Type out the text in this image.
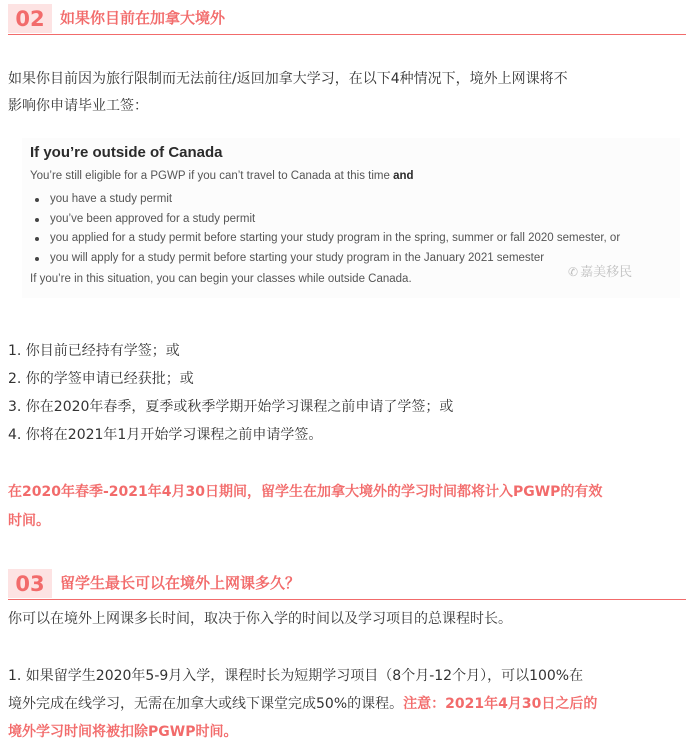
02	如果你目前在加拿大境外
如果你目前因为旅行限制而无法前往/返回加拿大学习，在以下4种情况下，境外上网课将不
影响你申请毕业工签：
If you’re outside of Canada
You’re still eligible for a PGWP if you can’t travel to Canada at this time and
you have a study permit
you’ve been approved for a study permit
you applied for a study permit before starting your study program in the spring, summer or fall 2020 semester, or
you will apply for a study permit before starting your study program in the January 2021 semester
If you’re in this situation, you can begin your classes while outside Canada.	✆ 嘉美移民
1. 你目前已经持有学签；或
2. 你的学签申请已经获批；或
3. 你在2020年春季，夏季或秋季学期开始学习课程之前申请了学签；或
4. 你将在2021年1月开始学习课程之前申请学签。
在2020年春季-2021年4月30日期间，留学生在加拿大境外的学习时间都将计入PGWP的有效
时间。
03	留学生最长可以在境外上网课多久？
你可以在境外上网课多长时间，取决于你入学的时间以及学习项目的总课程时长。
1. 如果留学生2020年5-9月入学，课程时长为短期学习项目（8个月-12个月），可以100%在
境外完成在线学习，无需在加拿大或线下课堂完成50%的课程。注意：2021年4月30日之后的
境外学习时间将被扣除PGWP时间。
